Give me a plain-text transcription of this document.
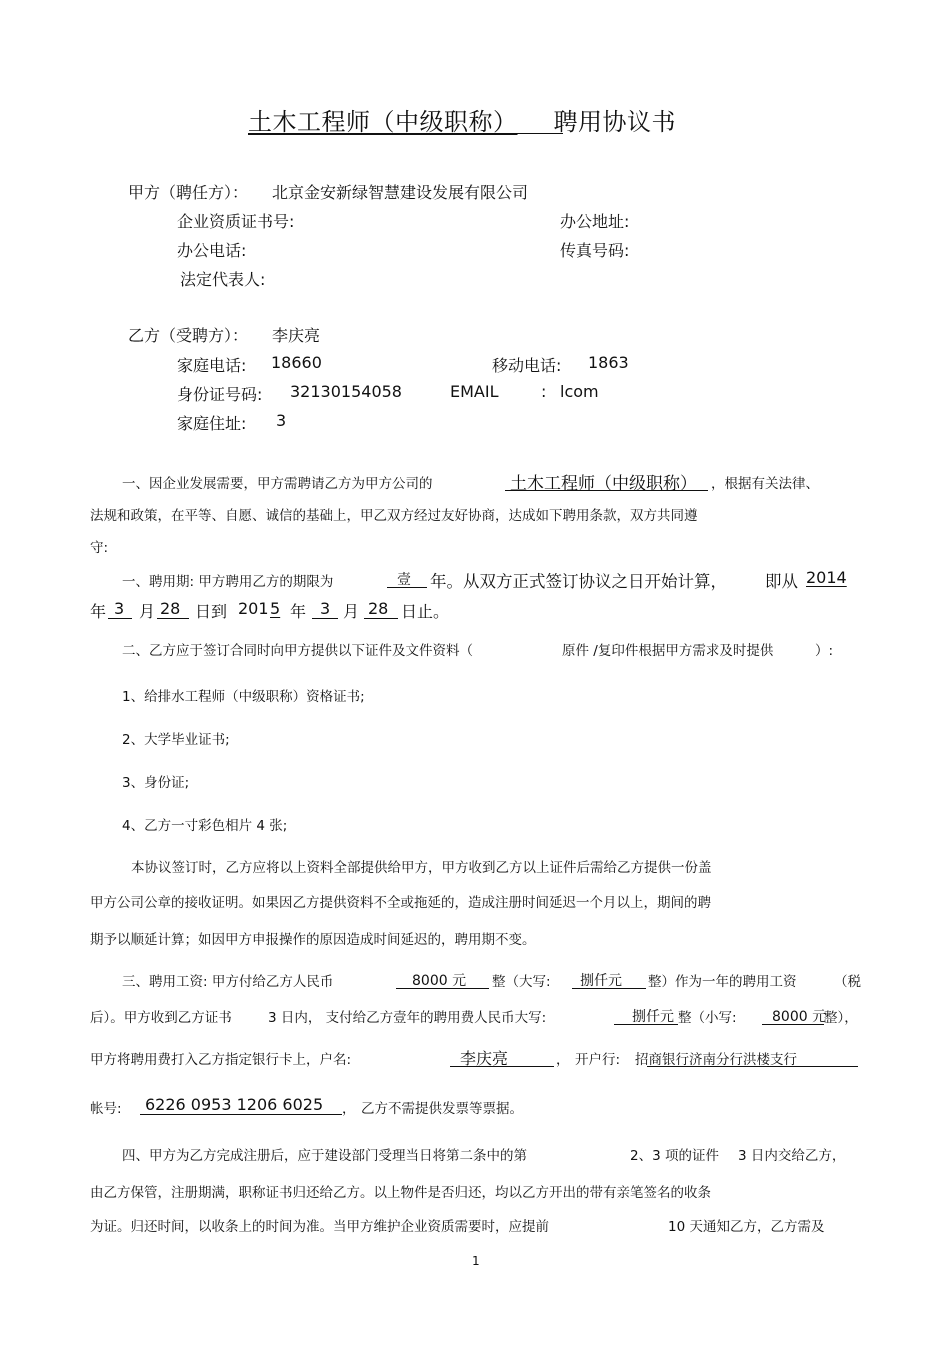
土木工程师（中级职称） 聘用协议书
甲方（聘任方）： 北京金安新绿智慧建设发展有限公司
企业资质证书号:	办公地址:
办公电话:	传真号码:
法定代表人:
乙方（受聘方）： 李庆亮
家庭电话: 18660	移动电话: 1863
身份证号码: 32130154058	EMAIL	: lcom
家庭住址: 3
一、因企业发展需要，甲方需聘请乙方为甲方公司的	土木工程师（中级职称） ，根据有关法律、
法规和政策，在平等、自愿、诚信的基础上，甲乙双方经过友好协商，达成如下聘用条款，双方共同遵
守:
一、聘用期: 甲方聘用乙方的期限为	壹 年。从双方正式签订协议之日开始计算， 即从 2014
年 3 月 28 日到 201 5 年 3 月 28 日止。
二、乙方应于签订合同时向甲方提供以下证件及文件资料（	原件 /复印件根据甲方需求及时提供	）:
1、给排水工程师（中级职称）资格证书;
2、大学毕业证书;
3、身份证;
4、乙方一寸彩色相片 4 张;
本协议签订时，乙方应将以上资料全部提供给甲方，甲方收到乙方以上证件后需给乙方提供一份盖
甲方公司公章的接收证明。如果因乙方提供资料不全或拖延的，造成注册时间延迟一个月以上，期间的聘
期予以顺延计算；如因甲方申报操作的原因造成时间延迟的，聘用期不变。
三、聘用工资: 甲方付给乙方人民币	8000 元 整（大写: 捌仟元 整）作为一年的聘用工资	（税
后）。甲方收到乙方证书	3 日内， 支付给乙方壹年的聘用费人民币大写:	捌仟元 整（小写:	8000 元
整），
甲方将聘用费打入乙方指定银行卡上，户名:	李庆亮	， 开户行: 招商银行济南分行洪楼支行
帐号: 6226 0953 1206 6025 ， 乙方不需提供发票等票据。
四、甲方为乙方完成注册后，应于建设部门受理当日将第二条中的第	2、3 项的证件 3 日内交给乙方，
由乙方保管，注册期满，职称证书归还给乙方。以上物件是否归还，均以乙方开出的带有亲笔签名的收条
为证。归还时间，以收条上的时间为准。当甲方维护企业资质需要时，应提前	10 天通知乙方，乙方需及
1
